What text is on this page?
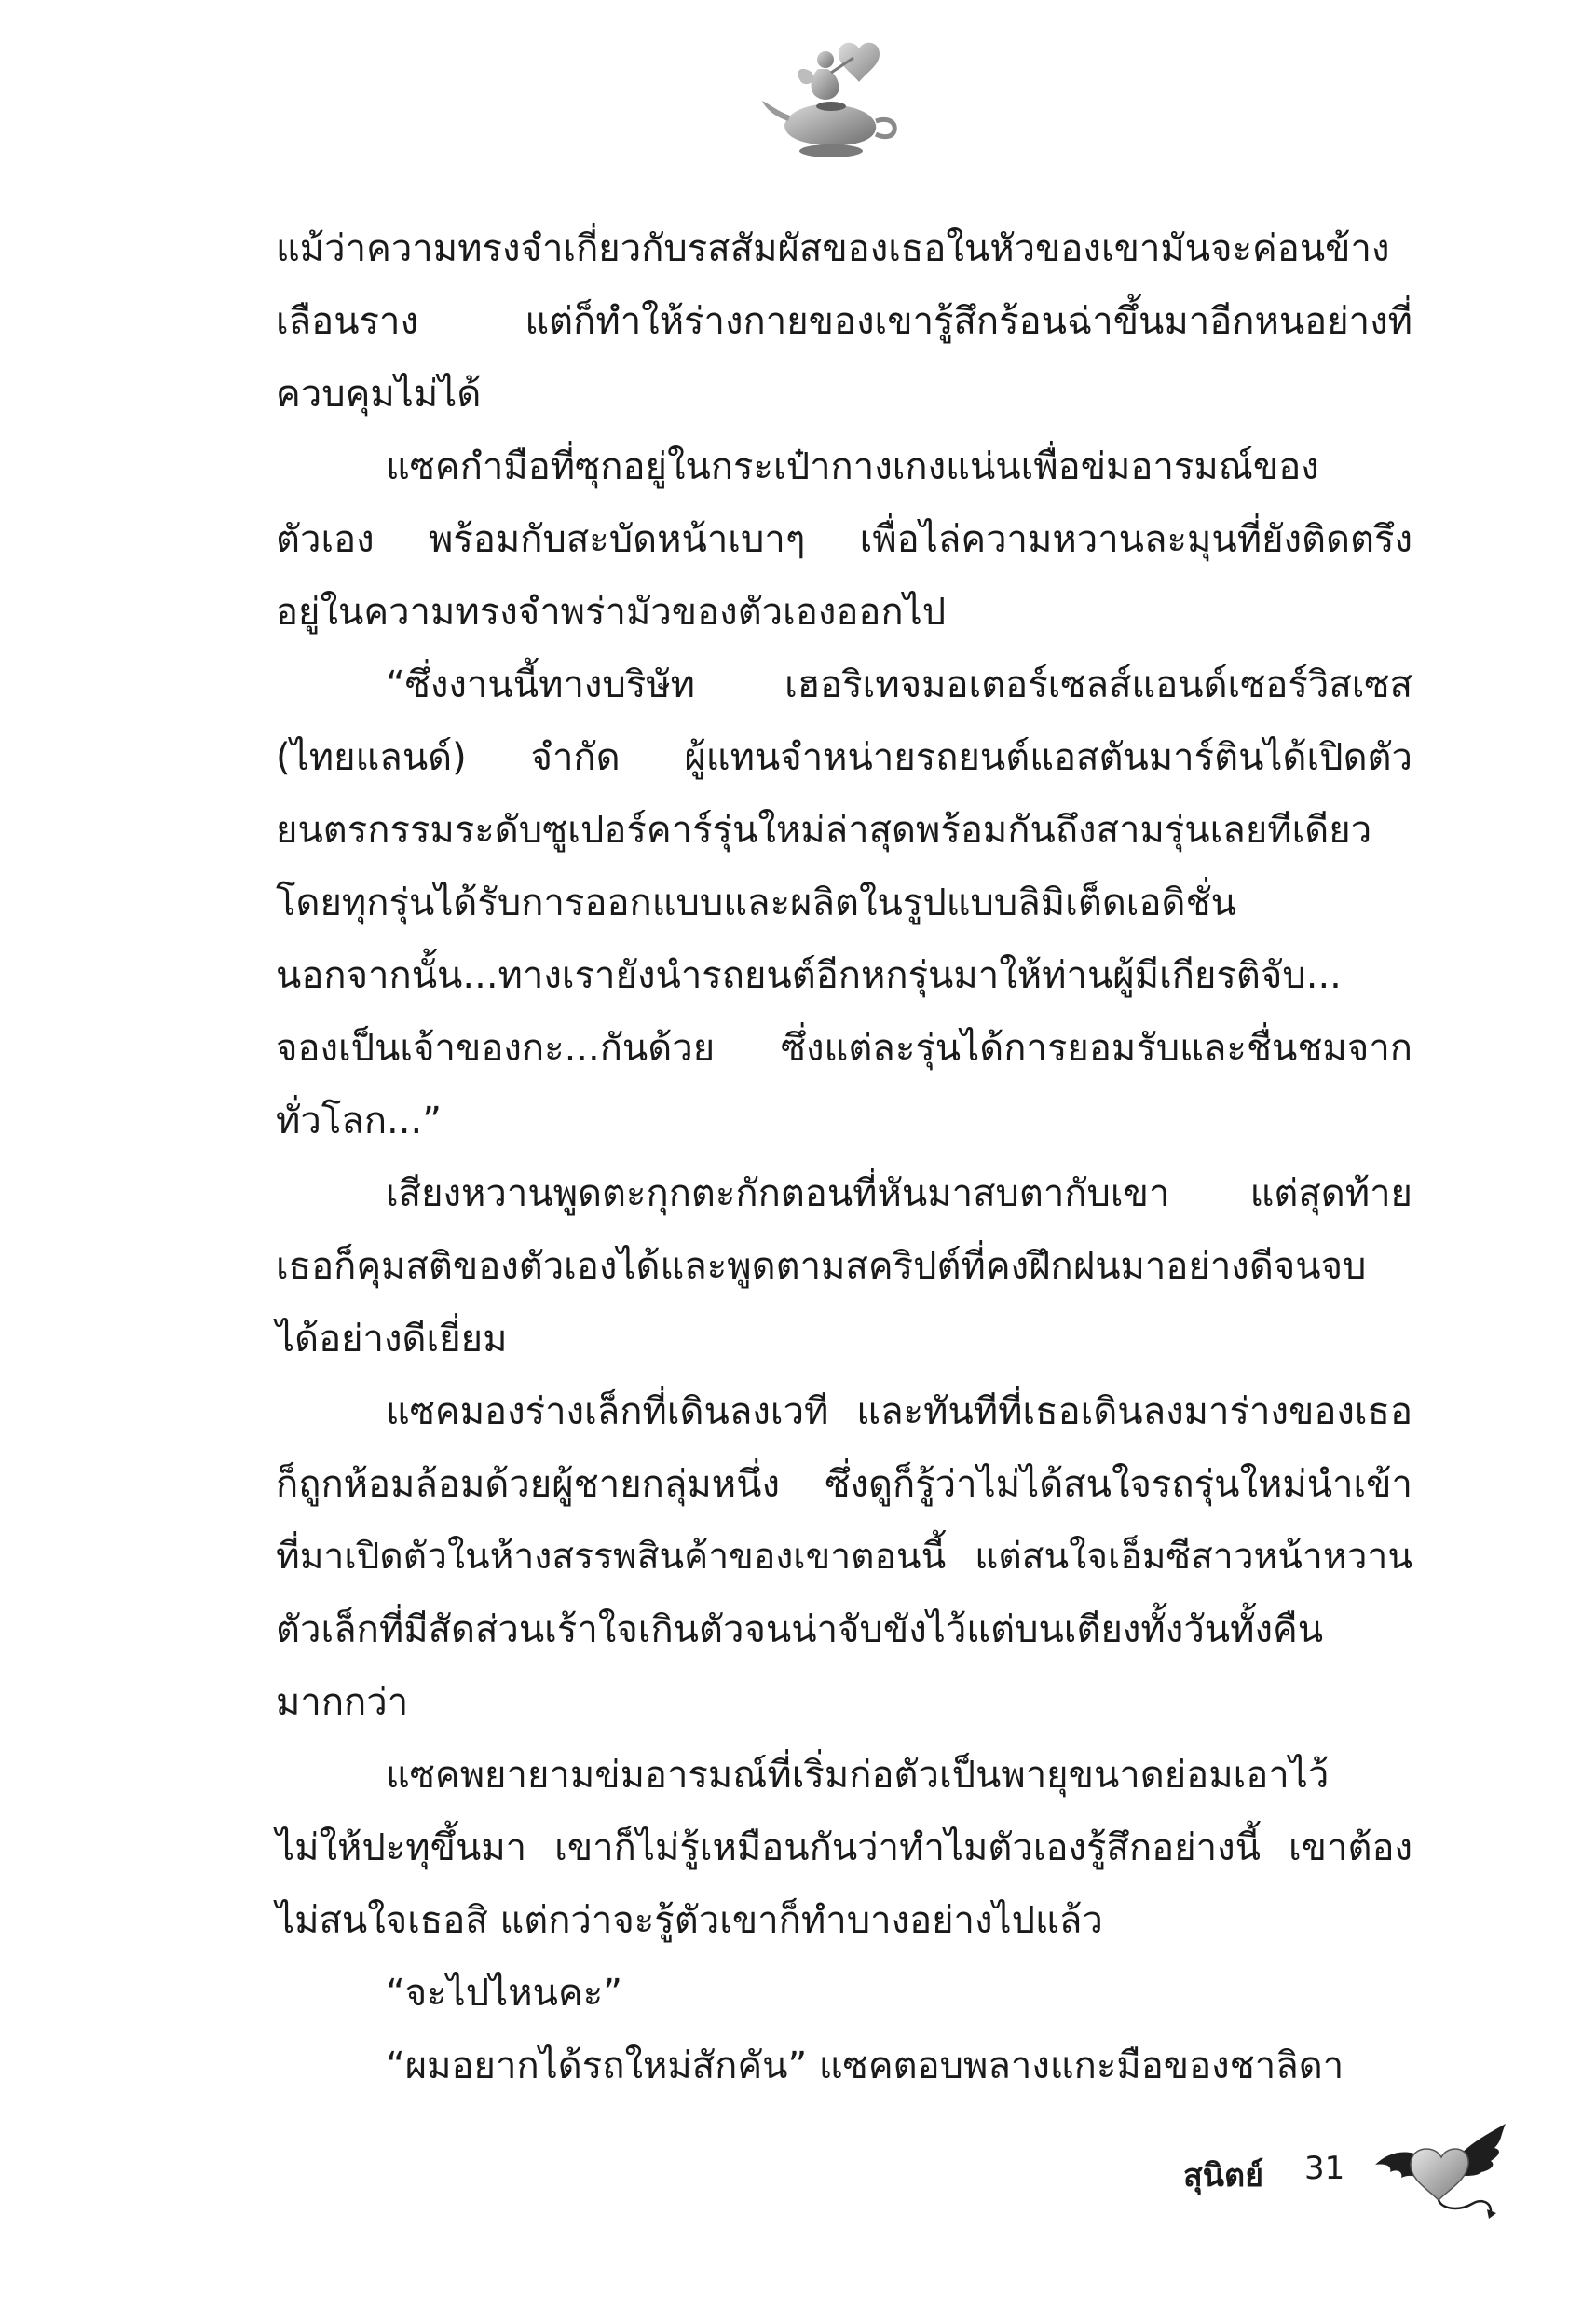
แม้ว่าความทรงจำเกี่ยวกับรสสัมผัสของเธอในหัวของเขามันจะค่อนข้าง
เลือนราง แต่ก็ทำให้ร่างกายของเขารู้สึกร้อนฉ่าขึ้นมาอีกหนอย่างที่
ควบคุมไม่ได้
แซคกำมือที่ซุกอยู่ในกระเป๋ากางเกงแน่นเพื่อข่มอารมณ์ของ
ตัวเอง พร้อมกับสะบัดหน้าเบาๆ เพื่อไล่ความหวานละมุนที่ยังติดตรึง
อยู่ในความทรงจำพร่ามัวของตัวเองออกไป
“ซึ่งงานนี้ทางบริษัท เฮอริเทจมอเตอร์เซลส์แอนด์เซอร์วิสเซส
(ไทยแลนด์) จำกัด ผู้แทนจำหน่ายรถยนต์แอสตันมาร์ตินได้เปิดตัว
ยนตรกรรมระดับซูเปอร์คาร์รุ่นใหม่ล่าสุดพร้อมกันถึงสามรุ่นเลยทีเดียว
โดยทุกรุ่นได้รับการออกแบบและผลิตในรูปแบบลิมิเต็ดเอดิชั่น
นอกจากนั้น...ทางเรายังนำรถยนต์อีกหกรุ่นมาให้ท่านผู้มีเกียรติจับ...
จองเป็นเจ้าของกะ...กันด้วย ซึ่งแต่ละรุ่นได้การยอมรับและชื่นชมจาก
ทั่วโลก...”
เสียงหวานพูดตะกุกตะกักตอนที่หันมาสบตากับเขา แต่สุดท้าย
เธอก็คุมสติของตัวเองได้และพูดตามสคริปต์ที่คงฝึกฝนมาอย่างดีจนจบ
ได้อย่างดีเยี่ยม
แซคมองร่างเล็กที่เดินลงเวที และทันทีที่เธอเดินลงมาร่างของเธอ
ก็ถูกห้อมล้อมด้วยผู้ชายกลุ่มหนึ่ง ซึ่งดูก็รู้ว่าไม่ได้สนใจรถรุ่นใหม่นำเข้า
ที่มาเปิดตัวในห้างสรรพสินค้าของเขาตอนนี้ แต่สนใจเอ็มซีสาวหน้าหวาน
ตัวเล็กที่มีสัดส่วนเร้าใจเกินตัวจนน่าจับขังไว้แต่บนเตียงทั้งวันทั้งคืน
มากกว่า
แซคพยายามข่มอารมณ์ที่เริ่มก่อตัวเป็นพายุขนาดย่อมเอาไว้
ไม่ให้ปะทุขึ้นมา เขาก็ไม่รู้เหมือนกันว่าทำไมตัวเองรู้สึกอย่างนี้ เขาต้อง
ไม่สนใจเธอสิ แต่กว่าจะรู้ตัวเขาก็ทำบางอย่างไปแล้ว
“จะไปไหนคะ”
“ผมอยากได้รถใหม่สักคัน” แซคตอบพลางแกะมือของชาลิดา
สุนิตย์ 31
